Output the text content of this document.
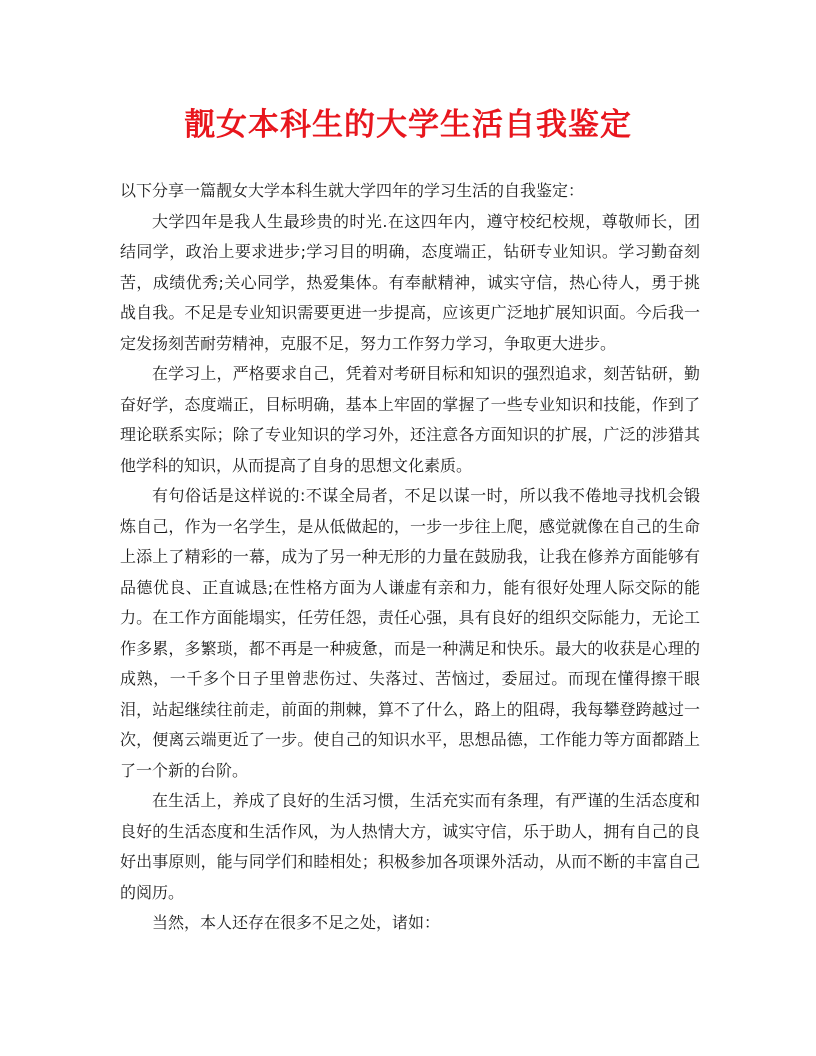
靓女本科生的大学生活自我鉴定

以下分享一篇靓女大学本科生就大学四年的学习生活的自我鉴定：

大学四年是我人生最珍贵的时光.在这四年内，遵守校纪校规，尊敬师长，团结同学，政治上要求进步;学习目的明确，态度端正，钻研专业知识。学习勤奋刻苦，成绩优秀;关心同学，热爱集体。有奉献精神，诚实守信，热心待人，勇于挑战自我。不足是专业知识需要更进一步提高，应该更广泛地扩展知识面。今后我一定发扬刻苦耐劳精神，克服不足，努力工作努力学习，争取更大进步。

在学习上，严格要求自己，凭着对考研目标和知识的强烈追求，刻苦钻研，勤奋好学，态度端正，目标明确，基本上牢固的掌握了一些专业知识和技能，作到了理论联系实际；除了专业知识的学习外，还注意各方面知识的扩展，广泛的涉猎其他学科的知识，从而提高了自身的思想文化素质。

有句俗话是这样说的:不谋全局者，不足以谋一时，所以我不倦地寻找机会锻炼自己，作为一名学生，是从低做起的，一步一步往上爬，感觉就像在自己的生命上添上了精彩的一幕，成为了另一种无形的力量在鼓励我，让我在修养方面能够有品德优良、正直诚恳;在性格方面为人谦虚有亲和力，能有很好处理人际交际的能力。在工作方面能塌实，任劳任怨，责任心强，具有良好的组织交际能力，无论工作多累，多繁琐，都不再是一种疲惫，而是一种满足和快乐。最大的收获是心理的成熟，一千多个日子里曾悲伤过、失落过、苦恼过，委屈过。而现在懂得擦干眼泪，站起继续往前走，前面的荆棘，算不了什么，路上的阻碍，我每攀登跨越过一次，便离云端更近了一步。使自己的知识水平，思想品德，工作能力等方面都踏上了一个新的台阶。

在生活上，养成了良好的生活习惯，生活充实而有条理，有严谨的生活态度和良好的生活态度和生活作风，为人热情大方，诚实守信，乐于助人，拥有自己的良好出事原则，能与同学们和睦相处；积极参加各项课外活动，从而不断的丰富自己的阅历。

当然，本人还存在很多不足之处，诸如：
